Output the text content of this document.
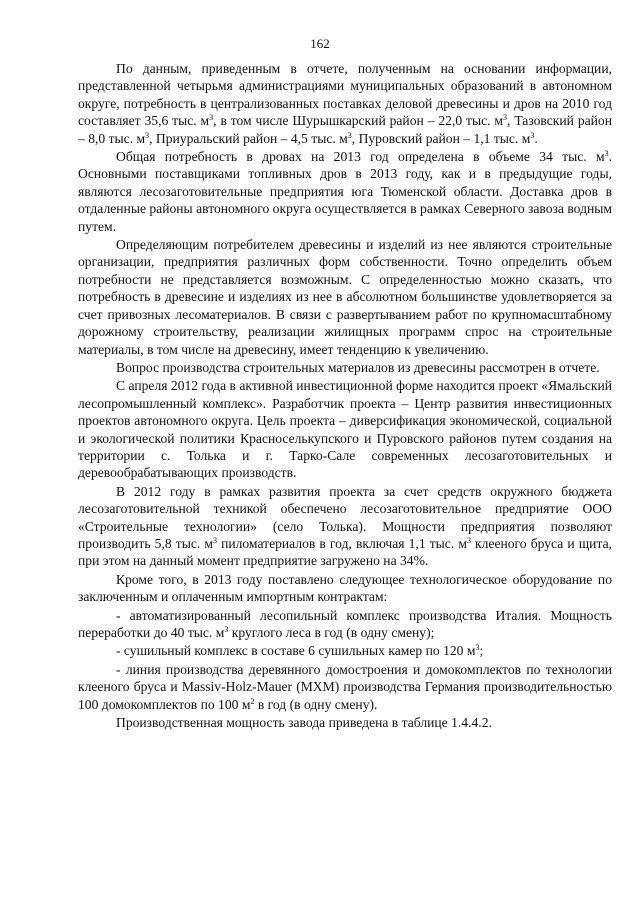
162

По данным, приведенным в отчете, полученным на основании информации, представленной четырьмя администрациями муниципальных образований в автономном округе, потребность в централизованных поставках деловой древесины и дров на 2010 год составляет 35,6 тыс. $м^3$, в том числе Шурышкарский район – 22,0 тыс. $м^3$, Тазовский район – 8,0 тыс. $м^3$, Приуральский район – 4,5 тыс. $м^3$, Пуровский район – 1,1 тыс. $м^3$.

Общая потребность в дровах на 2013 год определена в объеме 34 тыс. $м^3$. Основными поставщиками топливных дров в 2013 году, как и в предыдущие годы, являются лесозаготовительные предприятия юга Тюменской области. Доставка дров в отдаленные районы автономного округа осуществляется в рамках Северного завоза водным путем.

Определяющим потребителем древесины и изделий из нее являются строительные организации, предприятия различных форм собственности. Точно определить объем потребности не представляется возможным. С определенностью можно сказать, что потребность в древесине и изделиях из нее в абсолютном большинстве удовлетворяется за счет привозных лесоматериалов. В связи с развертыванием работ по крупномасштабному дорожному строительству, реализации жилищных программ спрос на строительные материалы, в том числе на древесину, имеет тенденцию к увеличению.

Вопрос производства строительных материалов из древесины рассмотрен в отчете.

С апреля 2012 года в активной инвестиционной форме находится проект «Ямальский лесопромышленный комплекс». Разработчик проекта – Центр развития инвестиционных проектов автономного округа. Цель проекта – диверсификация экономической, социальной и экологической политики Красноселькупского и Пуровского районов путем создания на территории с. Толька и г. Тарко-Сале современных лесозаготовительных и деревообрабатывающих производств.

В 2012 году в рамках развития проекта за счет средств окружного бюджета лесозаготовительной техникой обеспечено лесозаготовительное предприятие ООО «Строительные технологии» (село Толька). Мощности предприятия позволяют производить 5,8 тыс. $м^3$ пиломатериалов в год, включая 1,1 тыс. $м^3$ клееного бруса и щита, при этом на данный момент предприятие загружено на 34%.

Кроме того, в 2013 году поставлено следующее технологическое оборудование по заключенным и оплаченным импортным контрактам:

- автоматизированный лесопильный комплекс производства Италия. Мощность переработки до 40 тыс. $м^3$ круглого леса в год (в одну смену);

- сушильный комплекс в составе 6 сушильных камер по 120 $м^3$;

- линия производства деревянного домостроения и домокомплектов по технологии клееного бруса и Massiv-Holz-Mauer (MXM) производства Германия производительностью 100 домокомплектов по 100 $м^2$ в год (в одну смену).

Производственная мощность завода приведена в таблице 1.4.4.2.
